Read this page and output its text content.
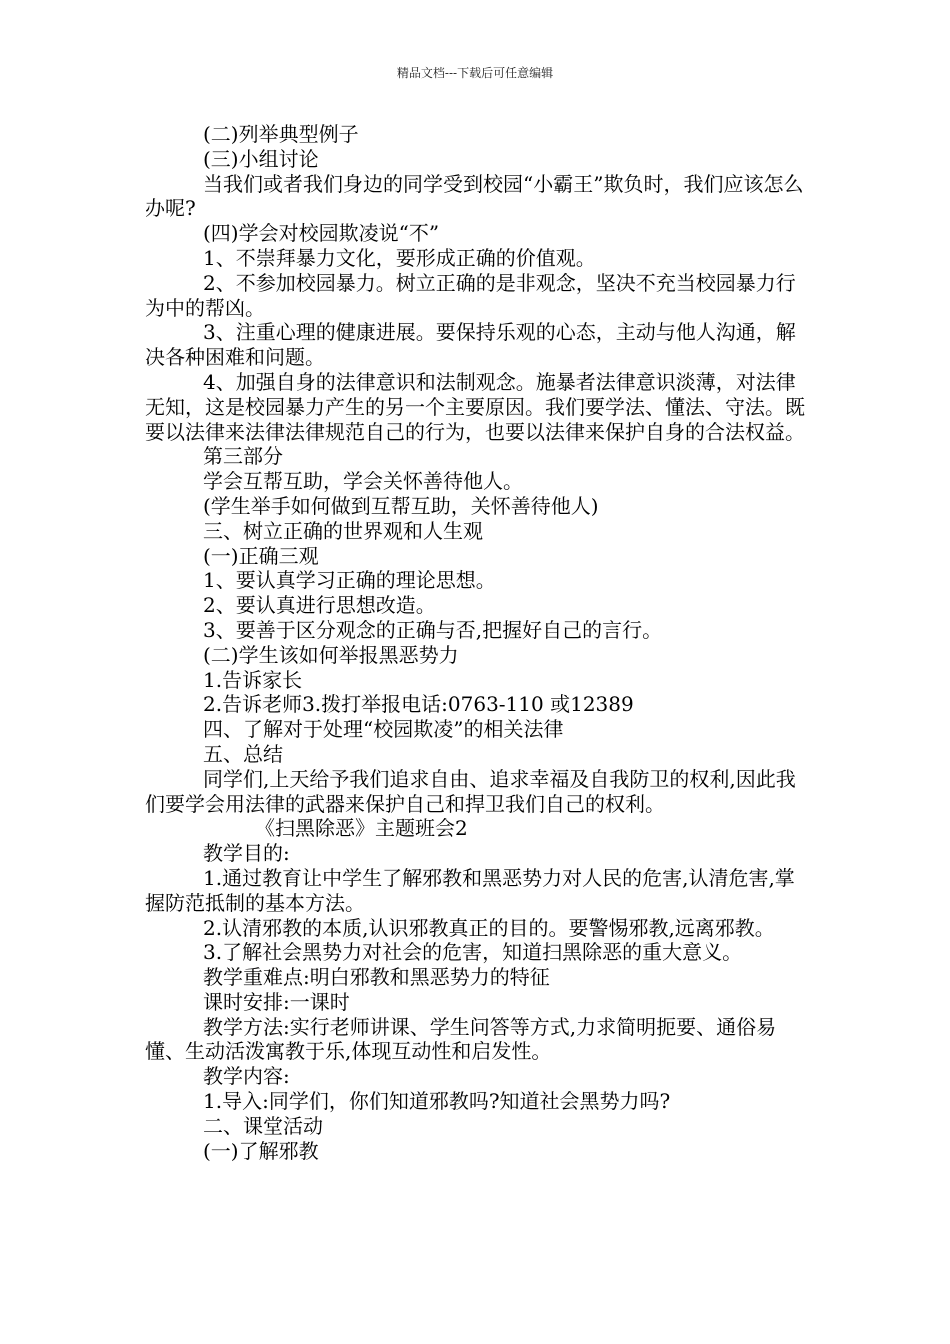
精品文档---下载后可任意编辑

(二)列举典型例子

(三)小组讨论

当我们或者我们身边的同学受到校园“小霸王”欺负时，我们应该怎么办呢?

(四)学会对校园欺凌说“不”

1、不崇拜暴力文化，要形成正确的价值观。

2、不参加校园暴力。树立正确的是非观念，坚决不充当校园暴力行为中的帮凶。

3、注重心理的健康进展。要保持乐观的心态，主动与他人沟通，解决各种困难和问题。

4、加强自身的法律意识和法制观念。施暴者法律意识淡薄，对法律无知，这是校园暴力产生的另一个主要原因。我们要学法、懂法、守法。既要以法律来法律法律规范自己的行为，也要以法律来保护自身的合法权益。

第三部分

学会互帮互助，学会关怀善待他人。

(学生举手如何做到互帮互助，关怀善待他人)

三、树立正确的世界观和人生观

(一)正确三观

1、要认真学习正确的理论思想。

2、要认真进行思想改造。

3、要善于区分观念的正确与否,把握好自己的言行。

(二)学生该如何举报黑恶势力

1.告诉家长

2.告诉老师3.拨打举报电话:0763-110 或12389

四、了解对于处理“校园欺凌”的相关法律

五、总结

同学们,上天给予我们追求自由、追求幸福及自我防卫的权利,因此我们要学会用法律的武器来保护自己和捍卫我们自己的权利。

《扫黑除恶》主题班会2

教学目的:

1.通过教育让中学生了解邪教和黑恶势力对人民的危害,认清危害,掌握防范抵制的基本方法。

2.认清邪教的本质,认识邪教真正的目的。要警惕邪教,远离邪教。

3.了解社会黑势力对社会的危害，知道扫黑除恶的重大意义。

教学重难点:明白邪教和黑恶势力的特征

课时安排:一课时

教学方法:实行老师讲课、学生问答等方式,力求简明扼要、通俗易懂、生动活泼寓教于乐,体现互动性和启发性。

教学内容:

1.导入:同学们，你们知道邪教吗?知道社会黑势力吗?

二、课堂活动

(一)了解邪教
